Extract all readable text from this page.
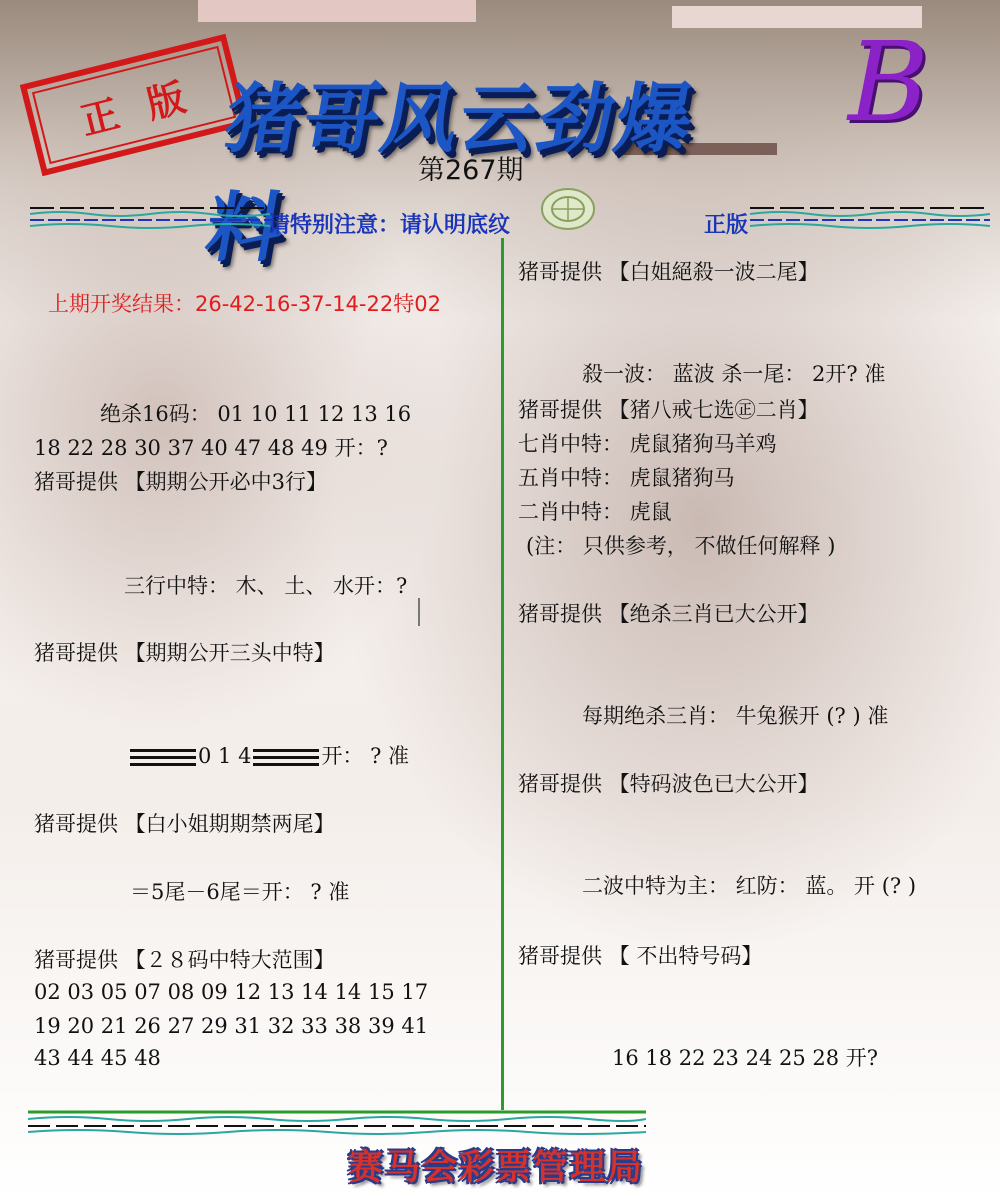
正 版 猪哥风云劲爆料
B
第267期
请特别注意：请认明底纹	正版
上期开奖结果：26-42-16-37-14-22特02
绝杀16码： 01 10 11 12 13 16
18 22 28 30 37 40 47 48 49 开：?
猪哥提供 【期期公开必中3行】
三行中特： 木、 土、 水开：?
猪哥提供 【期期公开三头中特】
0 1 4	开： ? 准
猪哥提供 【白小姐期期禁两尾】
＝5尾－6尾＝开： ? 准
猪哥提供 【２８码中特大范围】
02 03 05 07 08 09 12 13 14 14 15 17
19 20 21 26 27 29 31 32 33 38 39 41
43 44 45 48
猪哥提供 【白姐絕殺一波二尾】
殺一波： 蓝波 杀一尾： 2开? 准
猪哥提供 【猪八戒七选㊣二肖】
七肖中特： 虎鼠猪狗马羊鸡
五肖中特： 虎鼠猪狗马
二肖中特： 虎鼠
(注： 只供参考， 不做任何解释 )
猪哥提供 【绝杀三肖已大公开】
每期绝杀三肖： 牛兔猴开 (? ) 准
猪哥提供 【特码波色已大公开】
二波中特为主： 红防： 蓝。 开 (? )
猪哥提供 【 不出特号码】
16 18 22 23 24 25 28 开?
赛马会彩票管理局
